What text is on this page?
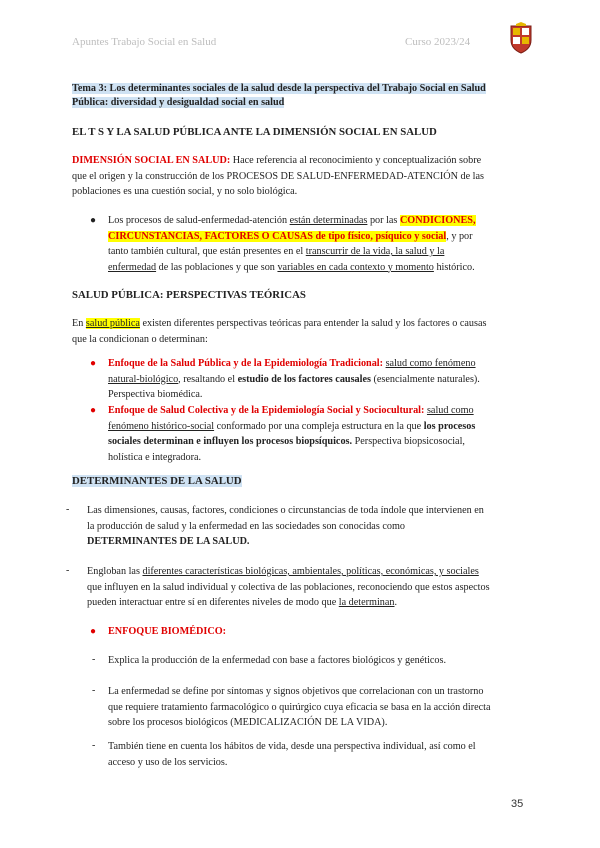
Apuntes Trabajo Social en Salud	Curso 2023/24
Tema 3: Los determinantes sociales de la salud desde la perspectiva del Trabajo Social en Salud
Pública: diversidad y desigualdad social en salud
EL T S Y LA SALUD PÚBLICA ANTE LA DIMENSIÓN SOCIAL EN SALUD
DIMENSIÓN SOCIAL EN SALUD: Hace referencia al reconocimiento y conceptualización sobre
que el origen y la construcción de los PROCESOS DE SALUD-ENFERMEDAD-ATENCIÓN de las
poblaciones es una cuestión social, y no solo biológica.
● Los procesos de salud-enfermedad-atención están determinadas por las CONDICIONES,
CIRCUNSTANCIAS, FACTORES O CAUSAS de tipo físico, psíquico y social, y por
tanto también cultural, que están presentes en el transcurrir de la vida, la salud y la
enfermedad de las poblaciones y que son variables en cada contexto y momento histórico.
SALUD PÚBLICA: PERSPECTIVAS TEÓRICAS
En salud pública existen diferentes perspectivas teóricas para entender la salud y los factores o causas
que la condicionan o determinan:
● Enfoque de la Salud Pública y de la Epidemiología Tradicional: salud como fenómeno
natural-biológico, resaltando el estudio de los factores causales (esencialmente naturales).
Perspectiva biomédica.
● Enfoque de Salud Colectiva y de la Epidemiología Social y Sociocultural: salud como
fenómeno histórico-social conformado por una compleja estructura en la que los procesos
sociales determinan e influyen los procesos biopsíquicos. Perspectiva biopsicosocial,
holística e integradora.
DETERMINANTES DE LA SALUD
- Las dimensiones, causas, factores, condiciones o circunstancias de toda índole que intervienen en
la producción de salud y la enfermedad en las sociedades son conocidas como
DETERMINANTES DE LA SALUD.
- Engloban las diferentes características biológicas, ambientales, políticas, económicas, y sociales
que influyen en la salud individual y colectiva de las poblaciones, reconociendo que estos aspectos
pueden interactuar entre sí en diferentes niveles de modo que la determinan.
● ENFOQUE BIOMÉDICO:
- Explica la producción de la enfermedad con base a factores biológicos y genéticos.
- La enfermedad se define por síntomas y signos objetivos que correlacionan con un trastorno
que requiere tratamiento farmacológico o quirúrgico cuya eficacia se basa en la acción directa
sobre los procesos biológicos (MEDICALIZACIÓN DE LA VIDA).
- También tiene en cuenta los hábitos de vida, desde una perspectiva individual, así como el
acceso y uso de los servicios.
35
